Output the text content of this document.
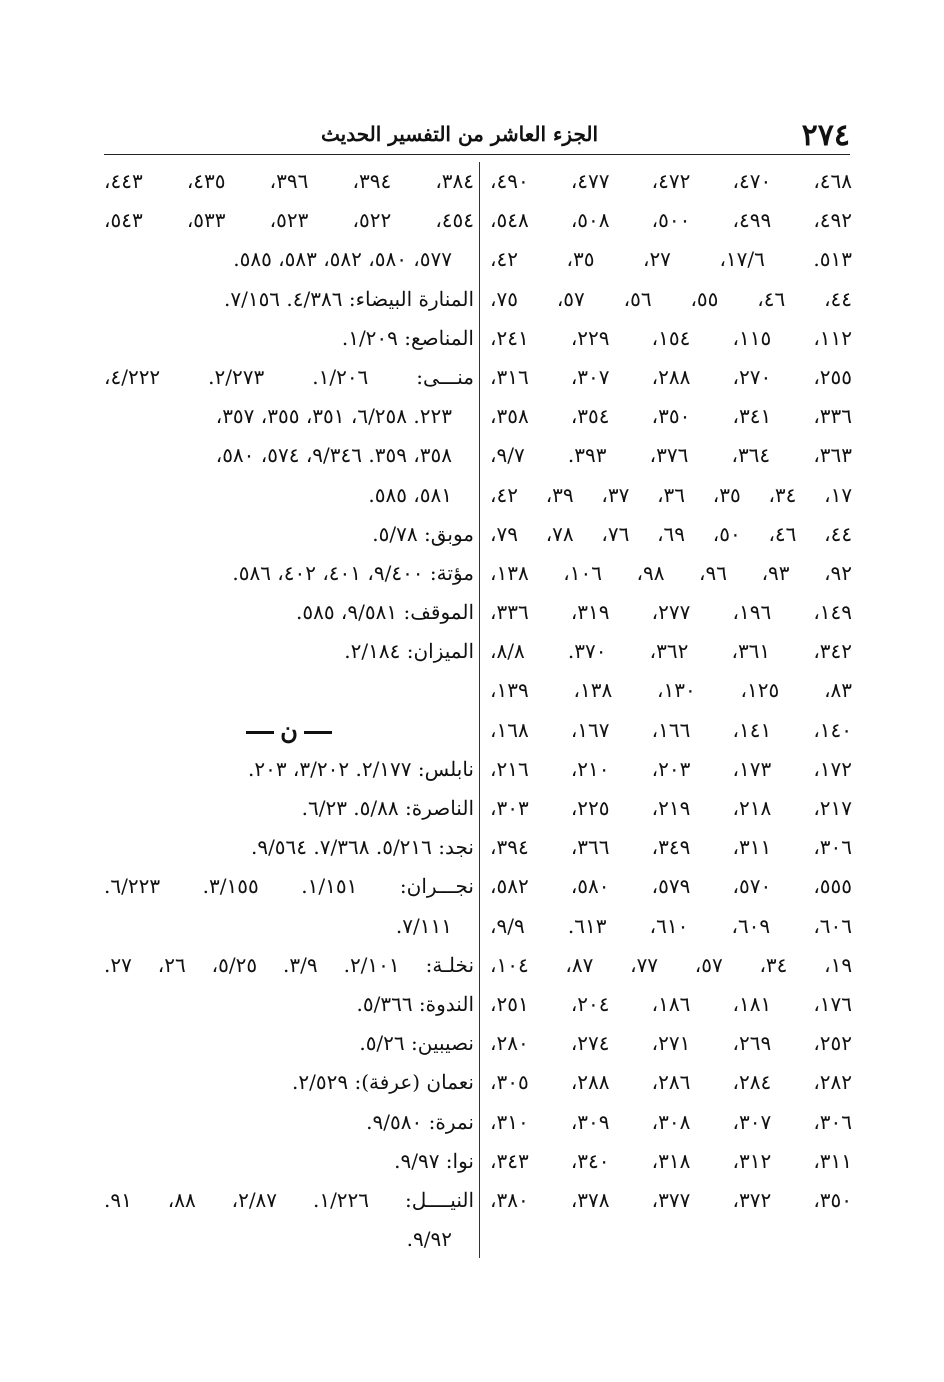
٢٧٤
الجزء العاشر من التفسير الحديث
٤٦٨، ٤٧٠، ٤٧٢، ٤٧٧، ٤٩٠،
٤٩٢، ٤٩٩، ٥٠٠، ٥٠٨، ٥٤٨،
٥١٣. ١٧/٦، ٢٧، ٣٥، ٤٢،
٤٤، ٤٦، ٥٥، ٥٦، ٥٧، ٧٥،
١١٢، ١١٥، ١٥٤، ٢٢٩، ٢٤١،
٢٥٥، ٢٧٠، ٢٨٨، ٣٠٧، ٣١٦،
٣٣٦، ٣٤١، ٣٥٠، ٣٥٤، ٣٥٨،
٣٦٣، ٣٦٤، ٣٧٦، ٣٩٣. ٩/٧،
١٧، ٣٤، ٣٥، ٣٦، ٣٧، ٣٩، ٤٢،
٤٤، ٤٦، ٥٠، ٦٩، ٧٦، ٧٨، ٧٩،
٩٢، ٩٣، ٩٦، ٩٨، ١٠٦، ١٣٨،
١٤٩، ١٩٦، ٢٧٧، ٣١٩، ٣٣٦،
٣٤٢، ٣٦١، ٣٦٢، ٣٧٠. ٨/٨،
٨٣، ١٢٥، ١٣٠، ١٣٨، ١٣٩،
١٤٠، ١٤١، ١٦٦، ١٦٧، ١٦٨،
١٧٢، ١٧٣، ٢٠٣، ٢١٠، ٢١٦،
٢١٧، ٢١٨، ٢١٩، ٢٢٥، ٣٠٣،
٣٠٦، ٣١١، ٣٤٩، ٣٦٦، ٣٩٤،
٥٥٥، ٥٧٠، ٥٧٩، ٥٨٠، ٥٨٢،
٦٠٦، ٦٠٩، ٦١٠، ٦١٣. ٩/٩،
١٩، ٣٤، ٥٧، ٧٧، ٨٧، ١٠٤،
١٧٦، ١٨١، ١٨٦، ٢٠٤، ٢٥١،
٢٥٢، ٢٦٩، ٢٧١، ٢٧٤، ٢٨٠،
٢٨٢، ٢٨٤، ٢٨٦، ٢٨٨، ٣٠٥،
٣٠٦، ٣٠٧، ٣٠٨، ٣٠٩، ٣١٠،
٣١١، ٣١٢، ٣١٨، ٣٤٠، ٣٤٣،
٣٥٠، ٣٧٢، ٣٧٧، ٣٧٨، ٣٨٠،
٣٨٤، ٣٩٤، ٣٩٦، ٤٣٥، ٤٤٣،
٤٥٤، ٥٢٢، ٥٢٣، ٥٣٣، ٥٤٣،
٥٧٧، ٥٨٠، ٥٨٢، ٥٨٣، ٥٨٥.
المنارة البيضاء: ٤/٣٨٦. ٧/١٥٦.
المناصع: ١/٢٠٩.
منـــى: ١/٢٠٦. ٢/٢٧٣. ٤/٢٢٢،
٢٢٣. ٦/٢٥٨، ٣٥١، ٣٥٥، ٣٥٧،
٣٥٨، ٣٥٩. ٩/٣٤٦، ٥٧٤، ٥٨٠،
٥٨١، ٥٨٥.
موبق: ٥/٧٨.
مؤتة: ٩/٤٠٠، ٤٠١، ٤٠٢، ٥٨٦.
الموقف: ٩/٥٨١، ٥٨٥.
الميزان: ٢/١٨٤.
ن
نابلس: ٢/١٧٧. ٣/٢٠٢، ٢٠٣.
الناصرة: ٥/٨٨. ٦/٢٣.
نجد: ٥/٢١٦. ٧/٣٦٨. ٩/٥٦٤.
نجـــران: ١/١٥١. ٣/١٥٥. ٦/٢٢٣.
٧/١١١.
نخلـة: ٢/١٠١. ٣/٩. ٥/٢٥، ٢٦، ٢٧.
الندوة: ٥/٣٦٦.
نصيبين: ٥/٢٦.
نعمان (عرفة): ٢/٥٢٩.
نمرة: ٩/٥٨٠.
نوا: ٩/٩٧.
النيــــل: ١/٢٢٦. ٢/٨٧، ٨٨، ٩١.
٩/٩٢.
